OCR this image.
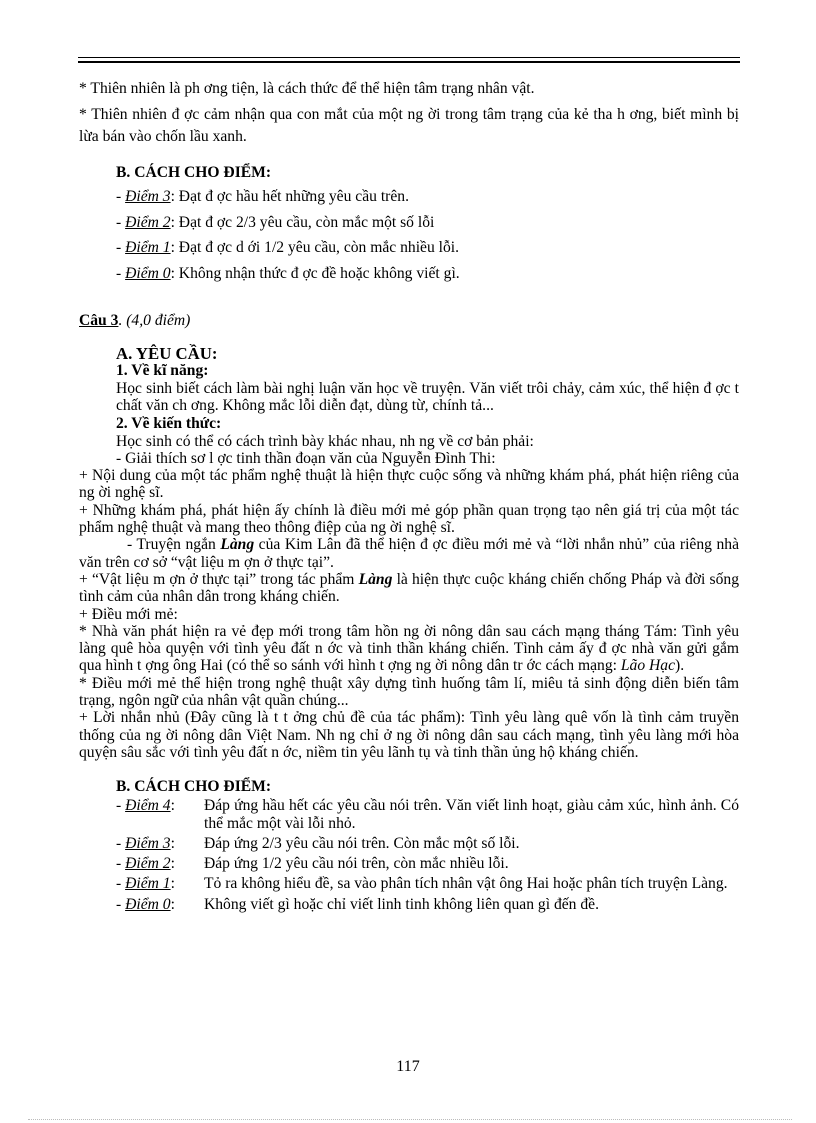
* Thiên nhiên là ph ơng tiện, là cách thức để thể hiện tâm trạng nhân vật.

* Thiên nhiên đ ợc cảm nhận qua con mắt của một ng ời trong tâm trạng của kẻ tha h ơng, biết mình bị lừa bán vào chốn lầu xanh.

B. CÁCH CHO ĐIỂM:

- Điểm 3: Đạt đ ợc hầu hết những yêu cầu trên.

- Điểm 2: Đạt đ ợc 2/3 yêu cầu, còn mắc một số lỗi

- Điểm 1: Đạt đ ợc d ới 1/2 yêu cầu, còn mắc nhiều lỗi.

- Điểm 0: Không nhận thức đ ợc đề hoặc không viết gì.

Câu 3. (4,0 điểm)

A. YÊU CẦU:
1. Về kĩ năng:

Học sinh biết cách làm bài nghị luận văn học về truyện. Văn viết trôi chảy, cảm xúc, thể hiện đ ợc t chất văn ch ơng. Không mắc lỗi diễn đạt, dùng từ, chính tả...

2. Về kiến thức:

Học sinh có thể có cách trình bày khác nhau, nh ng về cơ bản phải:

- Giải thích sơ l ợc tinh thần đoạn văn của Nguyễn Đình Thi:

+ Nội dung của một tác phẩm nghệ thuật là hiện thực cuộc sống và những khám phá, phát hiện riêng của ng ời nghệ sĩ.

+ Những khám phá, phát hiện ấy chính là điều mới mẻ góp phần quan trọng tạo nên giá trị của một tác phẩm nghệ thuật và mang theo thông điệp của ng ời nghệ sĩ.

- Truyện ngắn Làng của Kim Lân đã thể hiện đ ợc điều mới mẻ và “lời nhắn nhủ” của riêng nhà văn trên cơ sở “vật liệu m ợn ở thực tại”.

+ “Vật liệu m ợn ở thực tại” trong tác phẩm Làng là hiện thực cuộc kháng chiến chống Pháp và đời sống tình cảm của nhân dân trong kháng chiến.

+ Điều mới mẻ:

* Nhà văn phát hiện ra vẻ đẹp mới trong tâm hồn ng ời nông dân sau cách mạng tháng Tám: Tình yêu làng quê hòa quyện với tình yêu đất n ớc và tinh thần kháng chiến. Tình cảm ấy đ ợc nhà văn gửi gắm qua hình t ợng ông Hai (có thể so sánh với hình t ợng ng ời nông dân tr ớc cách mạng: Lão Hạc).

* Điều mới mẻ thể hiện trong nghệ thuật xây dựng tình huống tâm lí, miêu tả sinh động diễn biến tâm trạng, ngôn ngữ của nhân vật quần chúng...

+ Lời nhắn nhủ (Đây cũng là t t ởng chủ đề của tác phẩm): Tình yêu làng quê vốn là tình cảm truyền thống của ng ời nông dân Việt Nam. Nh ng chỉ ở ng ời nông dân sau cách mạng, tình yêu làng mới hòa quyện sâu sắc với tình yêu đất n ớc, niềm tin yêu lãnh tụ và tinh thần ủng hộ kháng chiến.

B. CÁCH CHO ĐIỂM:
- Điểm 4:	Đáp ứng hầu hết các yêu cầu nói trên. Văn viết linh hoạt, giàu cảm xúc, hình ảnh. Có thể mắc một vài lỗi nhỏ.
- Điểm 3:	Đáp ứng 2/3 yêu cầu nói trên. Còn mắc một số lỗi.
- Điểm 2:	Đáp ứng 1/2 yêu cầu nói trên, còn mắc nhiều lỗi.
- Điểm 1:	Tỏ ra không hiểu đề, sa vào phân tích nhân vật ông Hai hoặc phân tích truyện Làng.
- Điểm 0:	Không viết gì hoặc chỉ viết linh tinh không liên quan gì đến đề.
117
